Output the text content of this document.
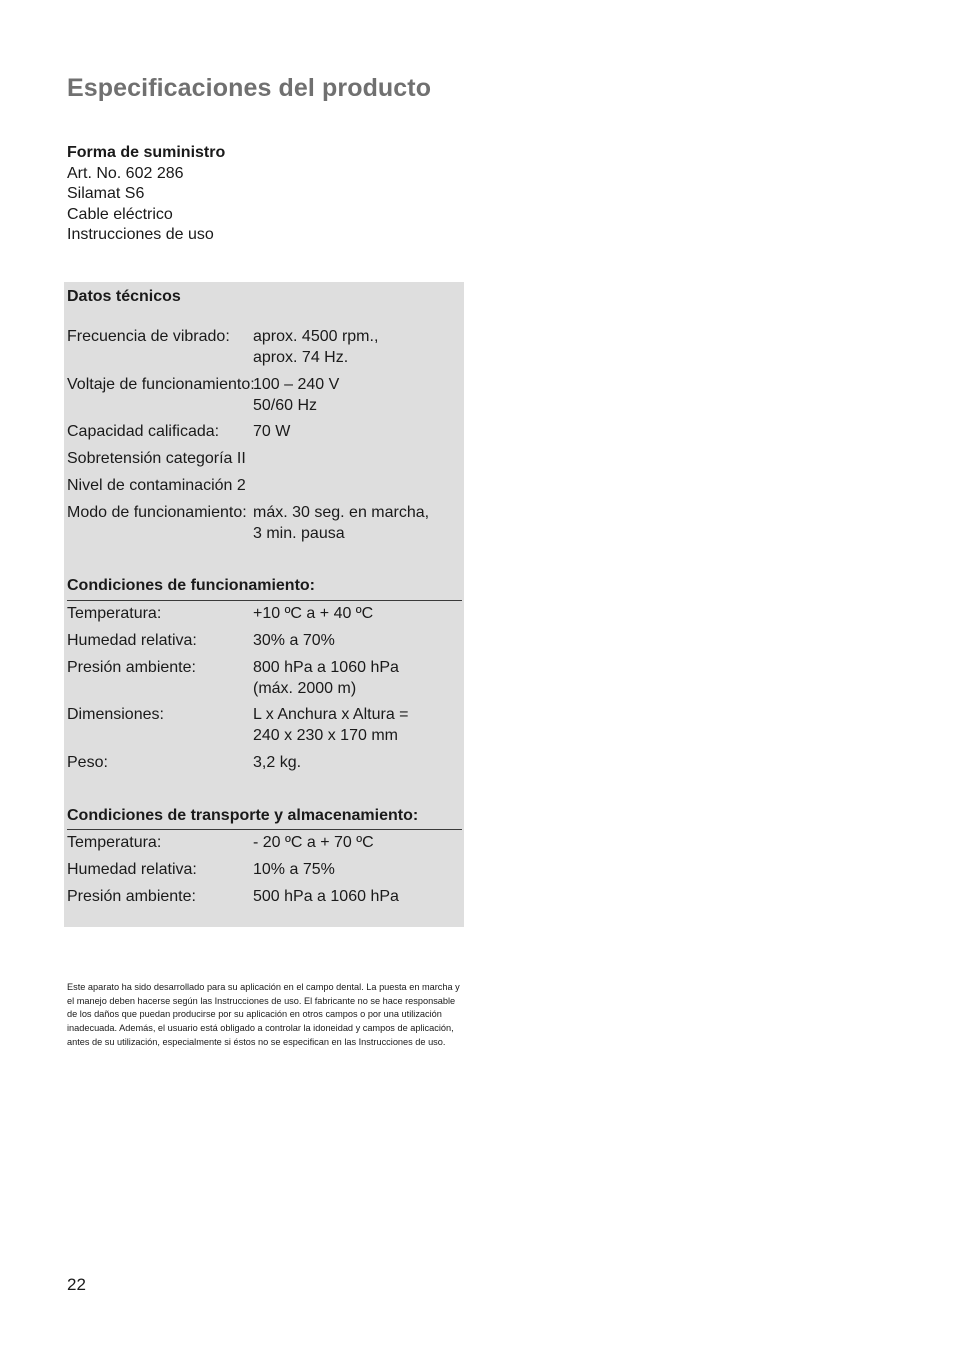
Especificaciones del producto
Forma de suministro
Art. No. 602 286
Silamat S6
Cable eléctrico
Instrucciones de uso
Datos técnicos
Frecuencia de vibrado: aprox. 4500 rpm.,
aprox. 74 Hz.
Voltaje de funcionamiento:
100 – 240 V
50/60 Hz
Capacidad calificada: 70 W
Sobretensión categoría II
Nivel de contaminación 2
Modo de funcionamiento: máx. 30 seg. en marcha,
3 min. pausa
Condiciones de funcionamiento:
Temperatura:	+10 ºC a + 40 ºC
Humedad relativa:	30% a 70%
Presión ambiente:	800 hPa a 1060 hPa
(máx. 2000 m)
Dimensiones:	L x Anchura x Altura =
240 x 230 x 170 mm
Peso:	3,2 kg.
Condiciones de transporte y almacenamiento:
Temperatura:	- 20 ºC a + 70 ºC
Humedad relativa:	10% a 75%
Presión ambiente:	500 hPa a 1060 hPa

Este aparato ha sido desarrollado para su aplicación en el campo dental. La puesta en marcha y el manejo deben hacerse según las Instrucciones de uso. El fabricante no se hace responsable de los daños que puedan producirse por su aplicación en otros campos o por una utilización inadecuada. Además, el usuario está obligado a controlar la idoneidad y campos de aplicación, antes de su utilización, especialmente si éstos no se especifican en las Instrucciones de uso.

22
